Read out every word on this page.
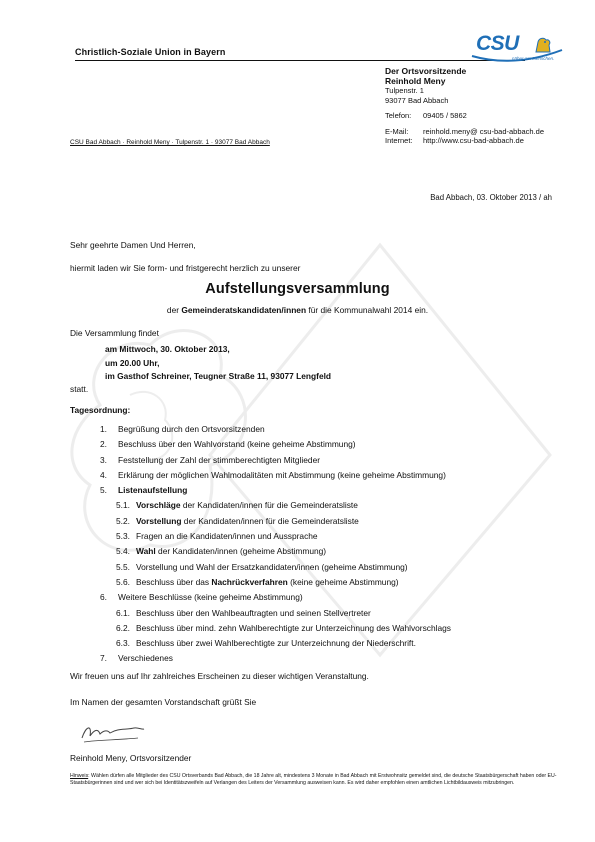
Christlich-Soziale Union in Bayern	CSU
näher am Menschen.
Der Ortsvorsitzende
Reinhold Meny
Tulpenstr. 1
93077 Bad Abbach
Telefon:	09405 / 5862
E-Mail:	reinhold.meny@ csu-bad-abbach.de
Internet:	http://www.csu-bad-abbach.de
CSU Bad Abbach · Reinhold Meny · Tulpenstr. 1 · 93077 Bad Abbach
Bad Abbach, 03. Oktober 2013 / ah
Sehr geehrte Damen Und Herren,
hiermit laden wir Sie form- und fristgerecht herzlich zu unserer
Aufstellungsversammlung
der Gemeinderatskandidaten/innen für die Kommunalwahl 2014 ein.
Die Versammlung findet
am Mittwoch, 30. Oktober 2013,
um 20.00 Uhr,
im Gasthof Schreiner, Teugner Straße 11, 93077 Lengfeld
statt.
Tagesordnung:
1.	Begrüßung durch den Ortsvorsitzenden
2.	Beschluss über den Wahlvorstand (keine geheime Abstimmung)
3.	Feststellung der Zahl der stimmberechtigten Mitglieder
4.	Erklärung der möglichen Wahlmodalitäten mit Abstimmung (keine geheime Abstimmung)
5.	Listenaufstellung
5.1. Vorschläge der Kandidaten/innen für die Gemeinderatsliste
5.2. Vorstellung der Kandidaten/innen für die Gemeinderatsliste
5.3. Fragen an die Kandidaten/innen und Aussprache
5.4. Wahl der Kandidaten/innen (geheime Abstimmung)
5.5. Vorstellung und Wahl der Ersatzkandidaten/innen (geheime Abstimmung)
5.6. Beschluss über das Nachrückverfahren (keine geheime Abstimmung)
6.	Weitere Beschlüsse (keine geheime Abstimmung)
6.1. Beschluss über den Wahlbeauftragten und seinen Stellvertreter
6.2. Beschluss über mind. zehn Wahlberechtigte zur Unterzeichnung des Wahlvorschlags
6.3. Beschluss über zwei Wahlberechtigte zur Unterzeichnung der Niederschrift.
7.	Verschiedenes
Wir freuen uns auf Ihr zahlreiches Erscheinen zu dieser wichtigen Veranstaltung.
Im Namen der gesamten Vorstandschaft grüßt Sie
Reinhold Meny, Ortsvorsitzender
Hinweis: Wählen dürfen alle Mitglieder des CSU Ortsverbands Bad Abbach, die 18 Jahre alt, mindestens 3 Monate in Bad Abbach mit Erstwohnsitz gemeldet sind, die deutsche Staatsbürgerschaft haben oder EU-Staatsbürgerinnen sind und wer sich bei Identitätszweifeln auf Verlangen des Leiters der Versammlung ausweisen kann. Es wird daher empfohlen einen amtlichen Lichtbildausweis mitzubringen.
